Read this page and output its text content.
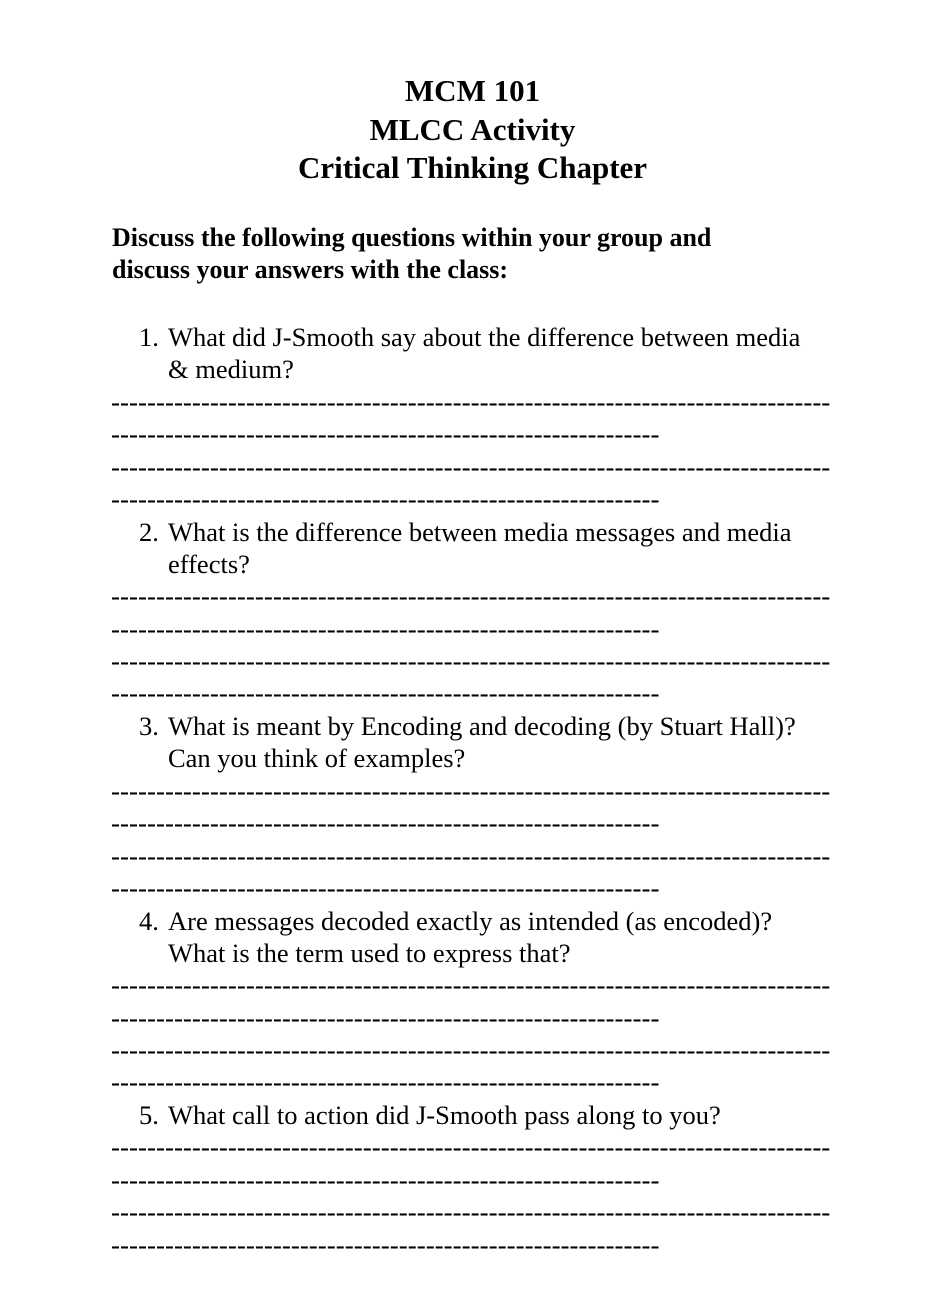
MCM 101
MLCC Activity
Critical Thinking Chapter
Discuss the following questions within your group and
discuss your answers with the class:
1. What did J-Smooth say about the difference between media
& medium?
--------------------------------------------------------------------------------
-------------------------------------------------------------
--------------------------------------------------------------------------------
-------------------------------------------------------------
2. What is the difference between media messages and media
effects?
--------------------------------------------------------------------------------
-------------------------------------------------------------
--------------------------------------------------------------------------------
-------------------------------------------------------------
3. What is meant by Encoding and decoding (by Stuart Hall)?
Can you think of examples?
--------------------------------------------------------------------------------
-------------------------------------------------------------
--------------------------------------------------------------------------------
-------------------------------------------------------------
4. Are messages decoded exactly as intended (as encoded)?
What is the term used to express that?
--------------------------------------------------------------------------------
-------------------------------------------------------------
--------------------------------------------------------------------------------
-------------------------------------------------------------
5. What call to action did J-Smooth pass along to you?
--------------------------------------------------------------------------------
-------------------------------------------------------------
--------------------------------------------------------------------------------
-------------------------------------------------------------
